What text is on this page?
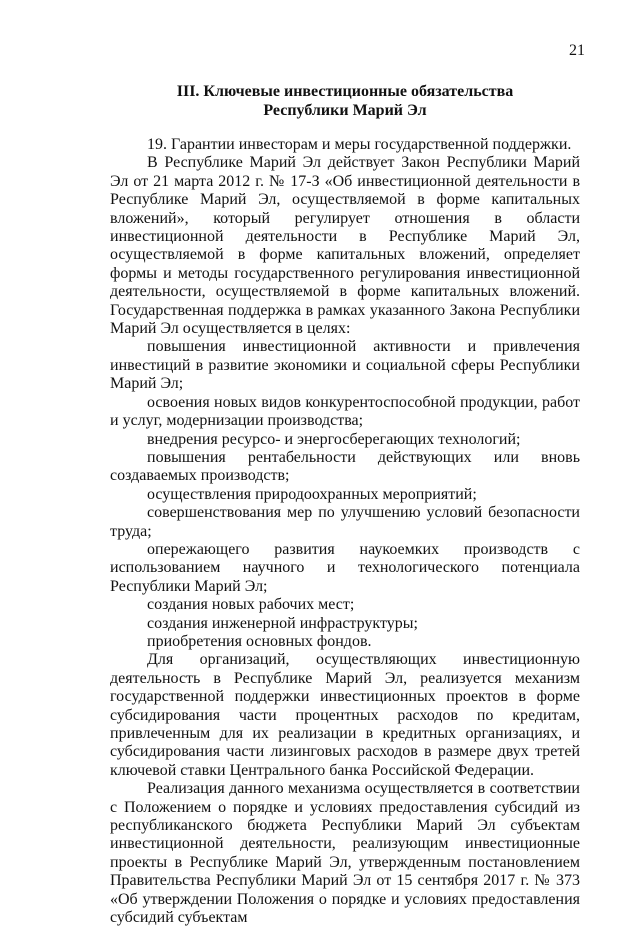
21
III. Ключевые инвестиционные обязательства
Республики Марий Эл

19. Гарантии инвесторам и меры государственной поддержки.

В Республике Марий Эл действует Закон Республики Марий Эл от 21 марта 2012 г. № 17-З «Об инвестиционной деятельности в Республике Марий Эл, осуществляемой в форме капитальных вложений», который регулирует отношения в области инвестиционной деятельности в Республике Марий Эл, осуществляемой в форме капитальных вложений, определяет формы и методы государственного регулирования инвестиционной деятельности, осуществляемой в форме капитальных вложений. Государственная поддержка в рамках указанного Закона Республики Марий Эл осуществляется в целях:

повышения инвестиционной активности и привлечения инвестиций в развитие экономики и социальной сферы Республики Марий Эл;

освоения новых видов конкурентоспособной продукции, работ и услуг, модернизации производства;

внедрения ресурсо- и энергосберегающих технологий;

повышения рентабельности действующих или вновь создаваемых производств;

осуществления природоохранных мероприятий;

совершенствования мер по улучшению условий безопасности труда;

опережающего развития наукоемких производств с использованием научного и технологического потенциала Республики Марий Эл;

создания новых рабочих мест;

создания инженерной инфраструктуры;

приобретения основных фондов.

Для организаций, осуществляющих инвестиционную деятельность в Республике Марий Эл, реализуется механизм государственной поддержки инвестиционных проектов в форме субсидирования части процентных расходов по кредитам, привлеченным для их реализации в кредитных организациях, и субсидирования части лизинговых расходов в размере двух третей ключевой ставки Центрального банка Российской Федерации.

Реализация данного механизма осуществляется в соответствии с Положением о порядке и условиях предоставления субсидий из республиканского бюджета Республики Марий Эл субъектам инвестиционной деятельности, реализующим инвестиционные проекты в Республике Марий Эл, утвержденным постановлением Правительства Республики Марий Эл от 15 сентября 2017 г. № 373 «Об утверждении Положения о порядке и условиях предоставления субсидий субъектам
